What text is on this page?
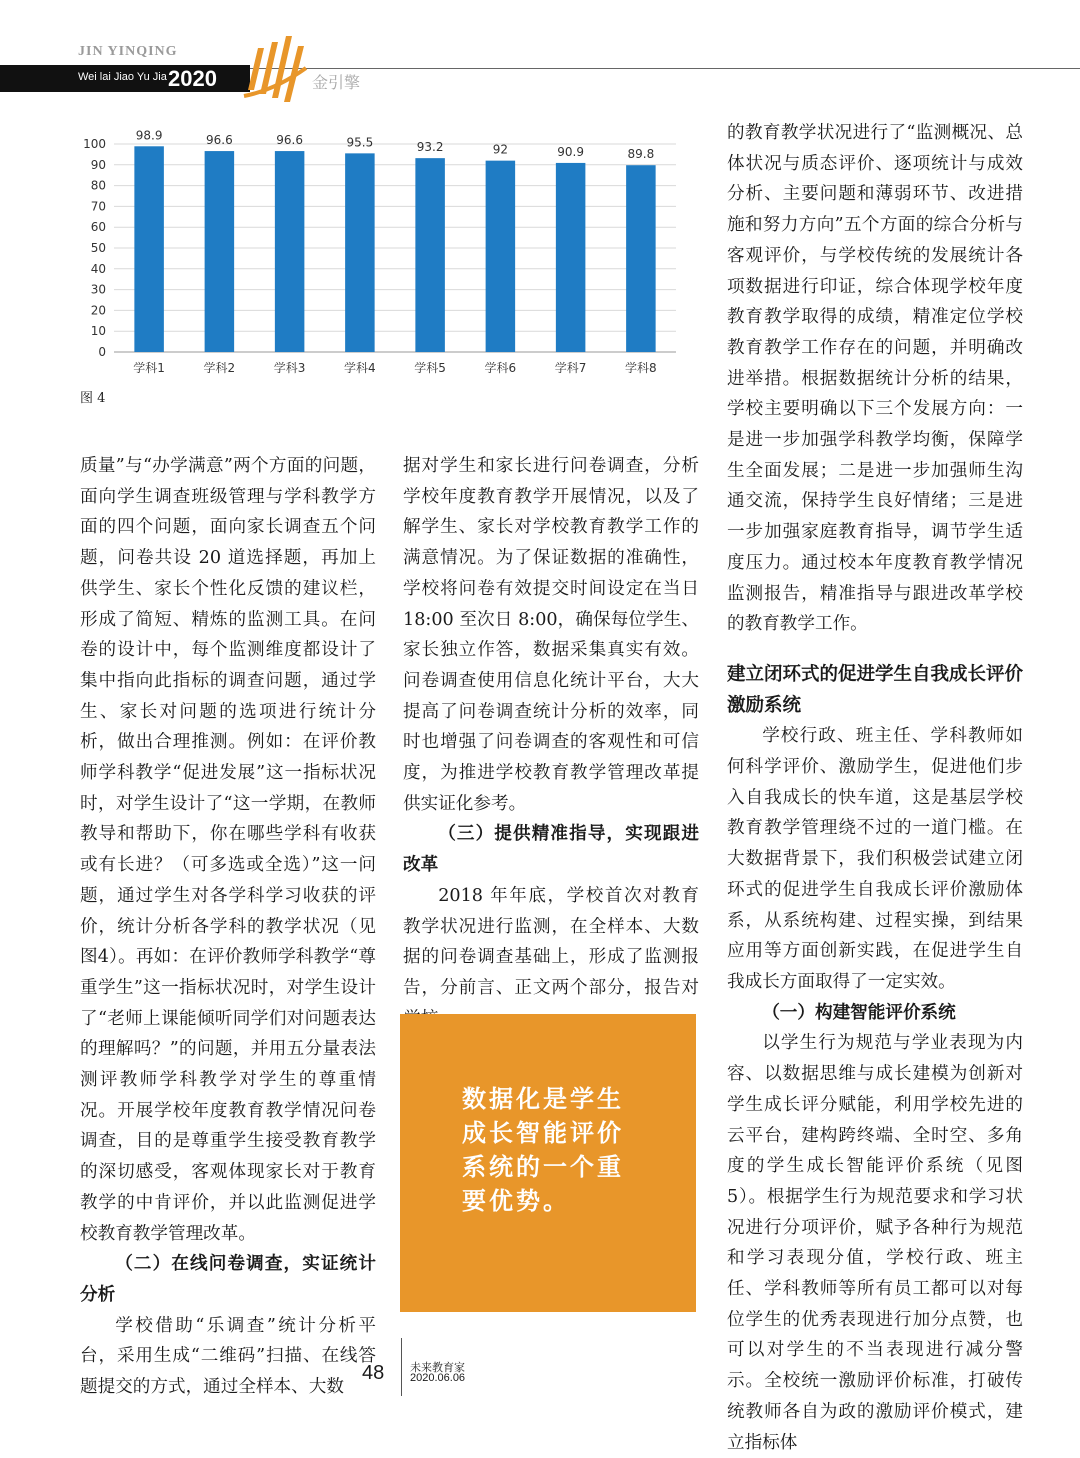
JIN YINQING
Wei lai Jiao Yu Jia 2020	金引擎
0
10
20
30
40
50
60
70
80
90
100
98.9	96.6	96.6	95.5	93.2	92	90.9	89.8
学科1	学科2	学科3	学科4	学科5	学科6	学科7	学科8
图 4

质量”与“办学满意”两个方面的问题，面向学生调查班级管理与学科教学方面的四个问题，面向家长调查五个问题，问卷共设 20 道选择题，再加上供学生、家长个性化反馈的建议栏，形成了简短、精炼的监测工具。在问卷的设计中，每个监测维度都设计了集中指向此指标的调查问题，通过学生、家长对问题的选项进行统计分析，做出合理推测。例如：在评价教师学科教学“促进发展”这一指标状况时，对学生设计了“这一学期，在教师教导和帮助下，你在哪些学科有收获或有长进？（可多选或全选）”这一问题，通过学生对各学科学习收获的评价，统计分析各学科的教学状况（见图4）。再如：在评价教师学科教学“尊重学生”这一指标状况时，对学生设计了“老师上课能倾听同学们对问题表达的理解吗？”的问题，并用五分量表法测评教师学科教学对学生的尊重情况。开展学校年度教育教学情况问卷调查，目的是尊重学生接受教育教学的深切感受，客观体现家长对于教育教学的中肯评价，并以此监测促进学校教育教学管理改革。

（二）在线问卷调查，实证统计分析

学校借助“乐调查”统计分析平台，采用生成“二维码”扫描、在线答题提交的方式，通过全样本、大数

据对学生和家长进行问卷调查，分析学校年度教育教学开展情况，以及了解学生、家长对学校教育教学工作的满意情况。为了保证数据的准确性，学校将问卷有效提交时间设定在当日 18:00 至次日 8:00，确保每位学生、家长独立作答，数据采集真实有效。问卷调查使用信息化统计平台，大大提高了问卷调查统计分析的效率，同时也增强了问卷调查的客观性和可信度，为推进学校教育教学管理改革提供实证化参考。

（三）提供精准指导，实现跟进改革

2018 年年底，学校首次对教育教学状况进行监测，在全样本、大数据的问卷调查基础上，形成了监测报告，分前言、正文两个部分，报告对

数据化是学生成长智能评价系统的一个重要优势。

的教育教学状况进行了“监测概况、总体状况与质态评价、逐项统计与成效分析、主要问题和薄弱环节、改进措施和努力方向”五个方面的综合分析与客观评价，与学校传统的发展统计各项数据进行印证，综合体现学校年度教育教学取得的成绩，精准定位学校教育教学工作存在的问题，并明确改进举措。根据数据统计分析的结果，学校主要明确以下三个发展方向：一是进一步加强学科教学均衡，保障学生全面发展；二是进一步加强师生沟通交流，保持学生良好情绪；三是进一步加强家庭教育指导，调节学生适度压力。通过校本年度教育教学情况监测报告，精准指导与跟进改革学校的教育教学工作。

建立闭环式的促进学生自我成长评价激励系统

学校行政、班主任、学科教师如何科学评价、激励学生，促进他们步入自我成长的快车道，这是基层学校教育教学管理绕不过的一道门槛。在大数据背景下，我们积极尝试建立闭环式的促进学生自我成长评价激励体系，从系统构建、过程实操，到结果应用等方面创新实践，在促进学生自我成长方面取得了一定实效。

（一）构建智能评价系统

以学生行为规范与学业表现为内容、以数据思维与成长建模为创新对学生成长评分赋能，利用学校先进的云平台，建构跨终端、全时空、多角度的学生成长智能评价系统（见图5）。根据学生行为规范要求和学习状况进行分项评价，赋予各种行为规范和学习表现分值，学校行政、班主任、学科教师等所有员工都可以对每位学生的优秀表现进行加分点赞，也可以对学生的不当表现进行减分警示。全校统一激励评价标准，打破传统教师各自为政的激励评价模式，建立指标体

48 未来教育家
2020.06.06
